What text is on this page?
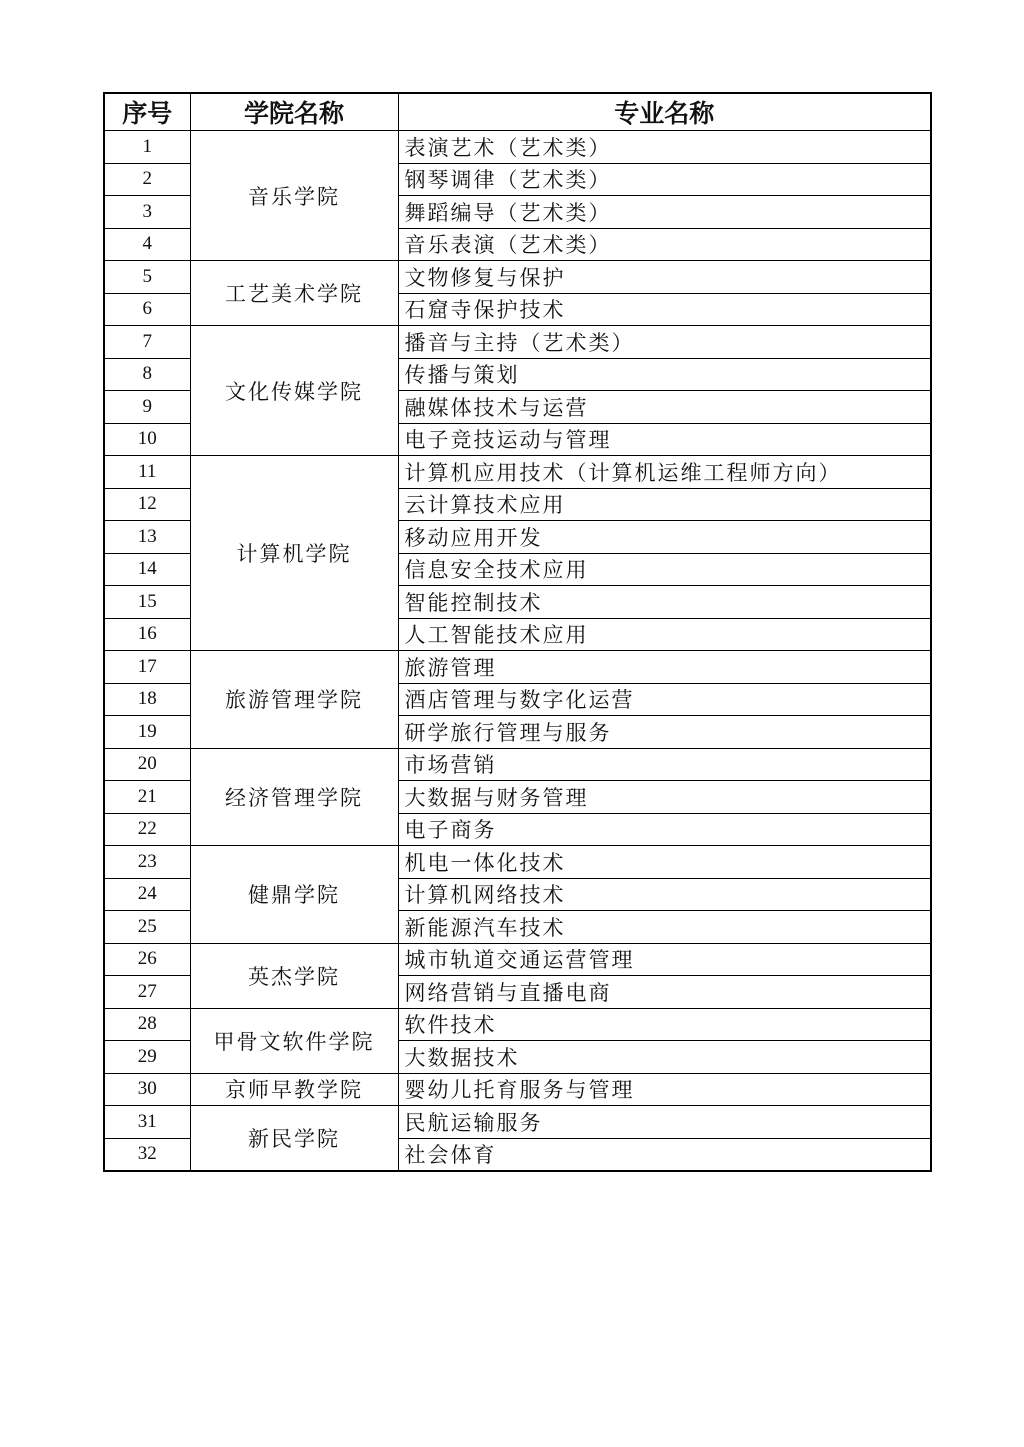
序号	学院名称	专业名称
1	音乐学院	表演艺术（艺术类）
2		钢琴调律（艺术类）
3		舞蹈编导（艺术类）
4		音乐表演（艺术类）
5	工艺美术学院	文物修复与保护
6		石窟寺保护技术
7	文化传媒学院	播音与主持（艺术类）
8		传播与策划
9		融媒体技术与运营
10		电子竞技运动与管理
11	计算机学院	计算机应用技术（计算机运维工程师方向）
12		云计算技术应用
13		移动应用开发
14		信息安全技术应用
15		智能控制技术
16		人工智能技术应用
17	旅游管理学院	旅游管理
18		酒店管理与数字化运营
19		研学旅行管理与服务
20	经济管理学院	市场营销
21		大数据与财务管理
22		电子商务
23	健鼎学院	机电一体化技术
24		计算机网络技术
25		新能源汽车技术
26	英杰学院	城市轨道交通运营管理
27		网络营销与直播电商
28	甲骨文软件学院	软件技术
29		大数据技术
30	京师早教学院	婴幼儿托育服务与管理
31	新民学院	民航运输服务
32		社会体育
